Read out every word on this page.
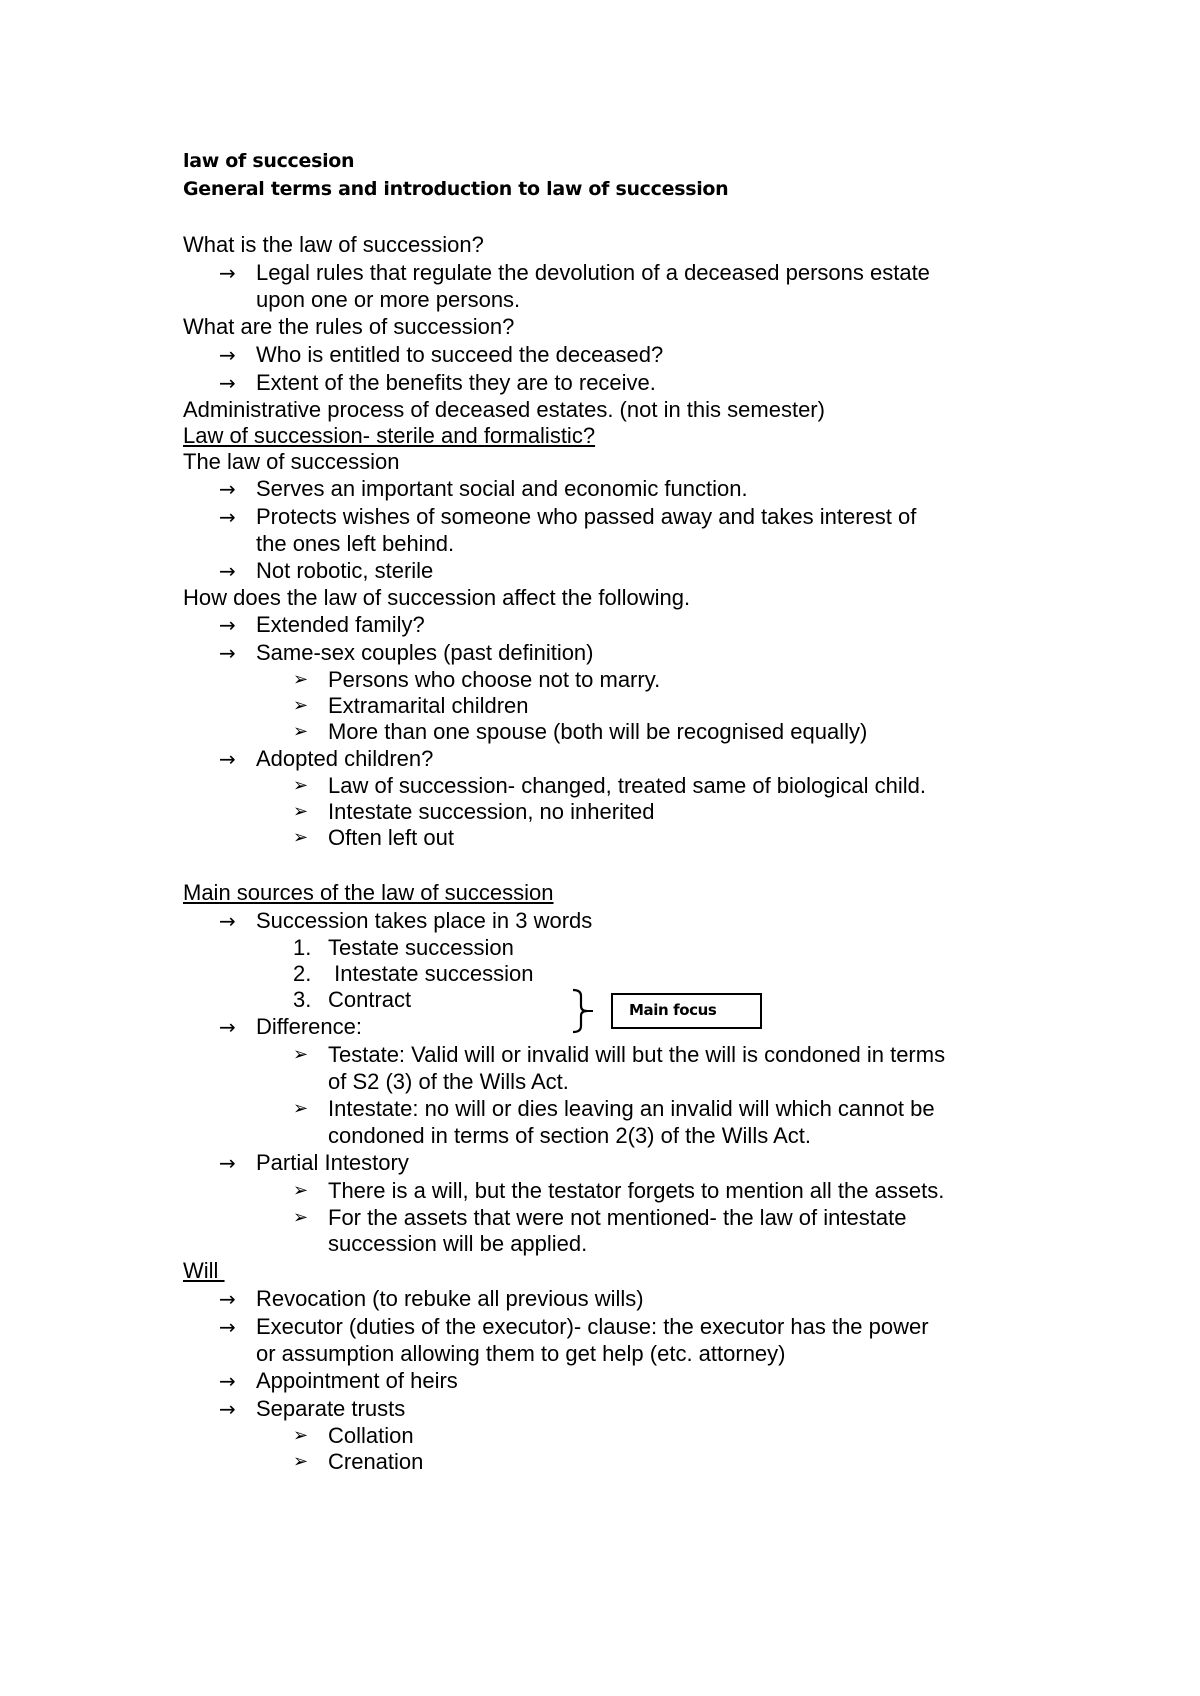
law of succesion
General terms and introduction to law of succession
What is the law of succession?
→ Legal rules that regulate the devolution of a deceased persons estate
upon one or more persons.
What are the rules of succession?
→ Who is entitled to succeed the deceased?
→ Extent of the benefits they are to receive.
Administrative process of deceased estates. (not in this semester)
Law of succession- sterile and formalistic?
The law of succession
→ Serves an important social and economic function.
→ Protects wishes of someone who passed away and takes interest of
the ones left behind.
→ Not robotic, sterile
How does the law of succession affect the following.
→ Extended family?
→ Same-sex couples (past definition)
➢ Persons who choose not to marry.
➢ Extramarital children
➢ More than one spouse (both will be recognised equally)
→ Adopted children?
➢ Law of succession- changed, treated same of biological child.
➢ Intestate succession, no inherited
➢ Often left out
Main sources of the law of succession
→ Succession takes place in 3 words
1. Testate succession
2. Intestate succession
3. Contract
→ Difference:
➢ Testate: Valid will or invalid will but the will is condoned in terms
of S2 (3) of the Wills Act.
➢ Intestate: no will or dies leaving an invalid will which cannot be
condoned in terms of section 2(3) of the Wills Act.
→ Partial Intestory
➢ There is a will, but the testator forgets to mention all the assets.
➢ For the assets that were not mentioned- the law of intestate
succession will be applied.
Will
→ Revocation (to rebuke all previous wills)
→ Executor (duties of the executor)- clause: the executor has the power
or assumption allowing them to get help (etc. attorney)
→ Appointment of heirs
→ Separate trusts
➢ Collation
➢ Crenation
Main focus
